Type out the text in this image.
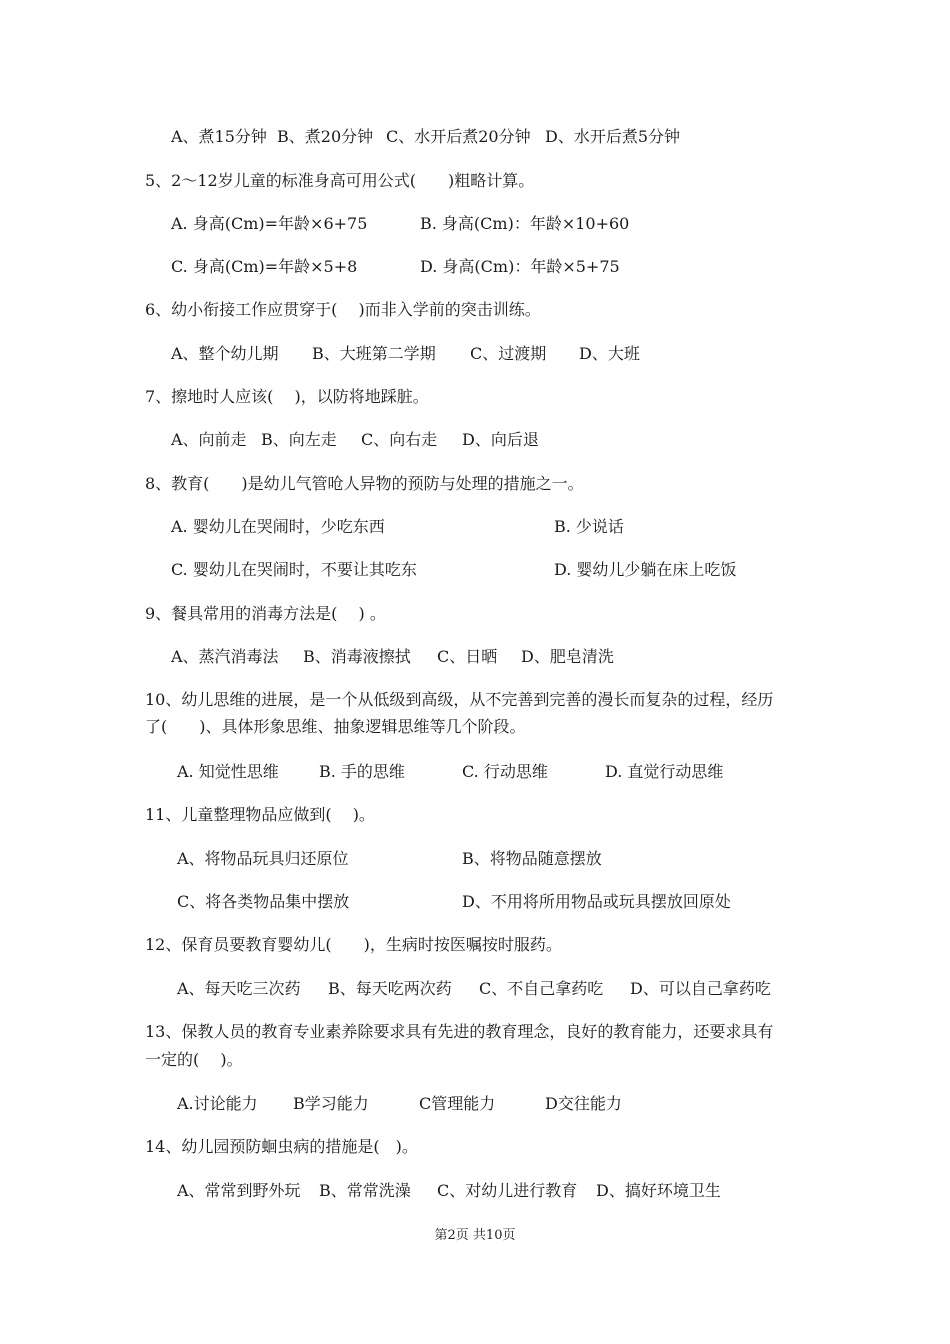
A、煮15分钟 B、煮20分钟 C、水开后煮20分钟 D、水开后煮5分钟
5、2～12岁儿童的标准身高可用公式(　　)粗略计算。
A. 身高(Cm)=年龄×6+75	B. 身高(Cm)：年龄×10+60
C. 身高(Cm)=年龄×5+8	D. 身高(Cm)：年龄×5+75
6、幼小衔接工作应贯穿于(　 )而非入学前的突击训练。
A、整个幼儿期 B、大班第二学期 C、过渡期 D、大班
7、擦地时人应该(　 )，以防将地踩脏。
A、向前走 B、向左走 C、向右走 D、向后退
8、教育(　　)是幼儿气管呛人异物的预防与处理的措施之一。
A. 婴幼儿在哭闹时，少吃东西	B. 少说话
C. 婴幼儿在哭闹时，不要让其吃东	D. 婴幼儿少躺在床上吃饭
9、餐具常用的消毒方法是(　 ) 。
A、蒸汽消毒法 B、消毒液擦拭 C、日晒 D、肥皂清洗
10、幼儿思维的进展，是一个从低级到高级，从不完善到完善的漫长而复杂的过程，经历
了(　　)、具体形象思维、抽象逻辑思维等几个阶段。
A. 知觉性思维	B. 手的思维	C. 行动思维	D. 直觉行动思维
11、儿童整理物品应做到(　 )。
A、将物品玩具归还原位	B、将物品随意摆放
C、将各类物品集中摆放	D、不用将所用物品或玩具摆放回原处
12、保育员要教育婴幼儿(　　)，生病时按医嘱按时服药。
A、每天吃三次药 B、每天吃两次药 C、不自己拿药吃 D、可以自己拿药吃
13、保教人员的教育专业素养除要求具有先进的教育理念，良好的教育能力，还要求具有
一定的(　 )。
A.讨论能力 B学习能力	C管理能力	D交往能力
14、幼儿园预防蛔虫病的措施是(　)。
A、常常到野外玩 B、常常洗澡 C、对幼儿进行教育 D、搞好环境卫生
第2页 共10页
